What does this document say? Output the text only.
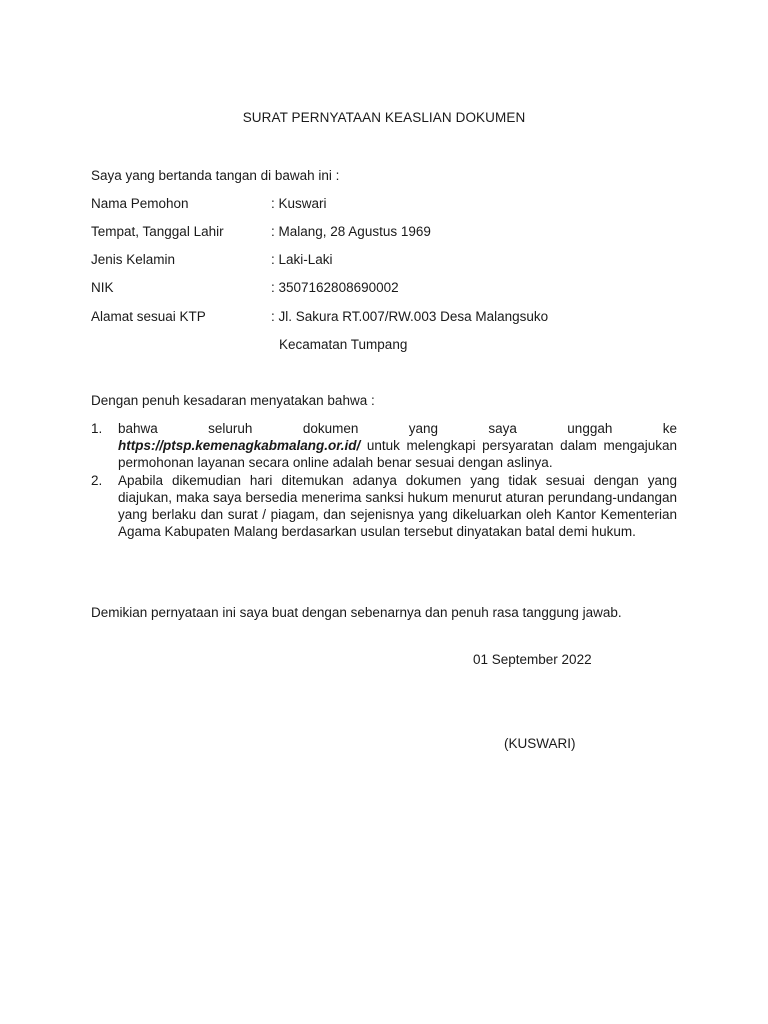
SURAT PERNYATAAN KEASLIAN DOKUMEN
Saya yang bertanda tangan di bawah ini :
Nama Pemohon	: Kuswari
Tempat, Tanggal Lahir	: Malang, 28 Agustus 1969
Jenis Kelamin	: Laki-Laki
NIK	: 3507162808690002
Alamat sesuai KTP	: Jl. Sakura RT.007/RW.003 Desa Malangsuko
Kecamatan Tumpang
Dengan penuh kesadaran menyatakan bahwa :
1. bahwa seluruh dokumen yang saya unggah ke
https://ptsp.kemenagkabmalang.or.id/ untuk melengkapi persyaratan dalam mengajukan permohonan layanan secara online adalah benar sesuai dengan aslinya.
2. Apabila dikemudian hari ditemukan adanya dokumen yang tidak sesuai dengan yang diajukan, maka saya bersedia menerima sanksi hukum menurut aturan perundang-undangan yang berlaku dan surat / piagam, dan sejenisnya yang dikeluarkan oleh Kantor Kementerian Agama Kabupaten Malang berdasarkan usulan tersebut dinyatakan batal demi hukum.
Demikian pernyataan ini saya buat dengan sebenarnya dan penuh rasa tanggung jawab.
01 September 2022
(KUSWARI)
